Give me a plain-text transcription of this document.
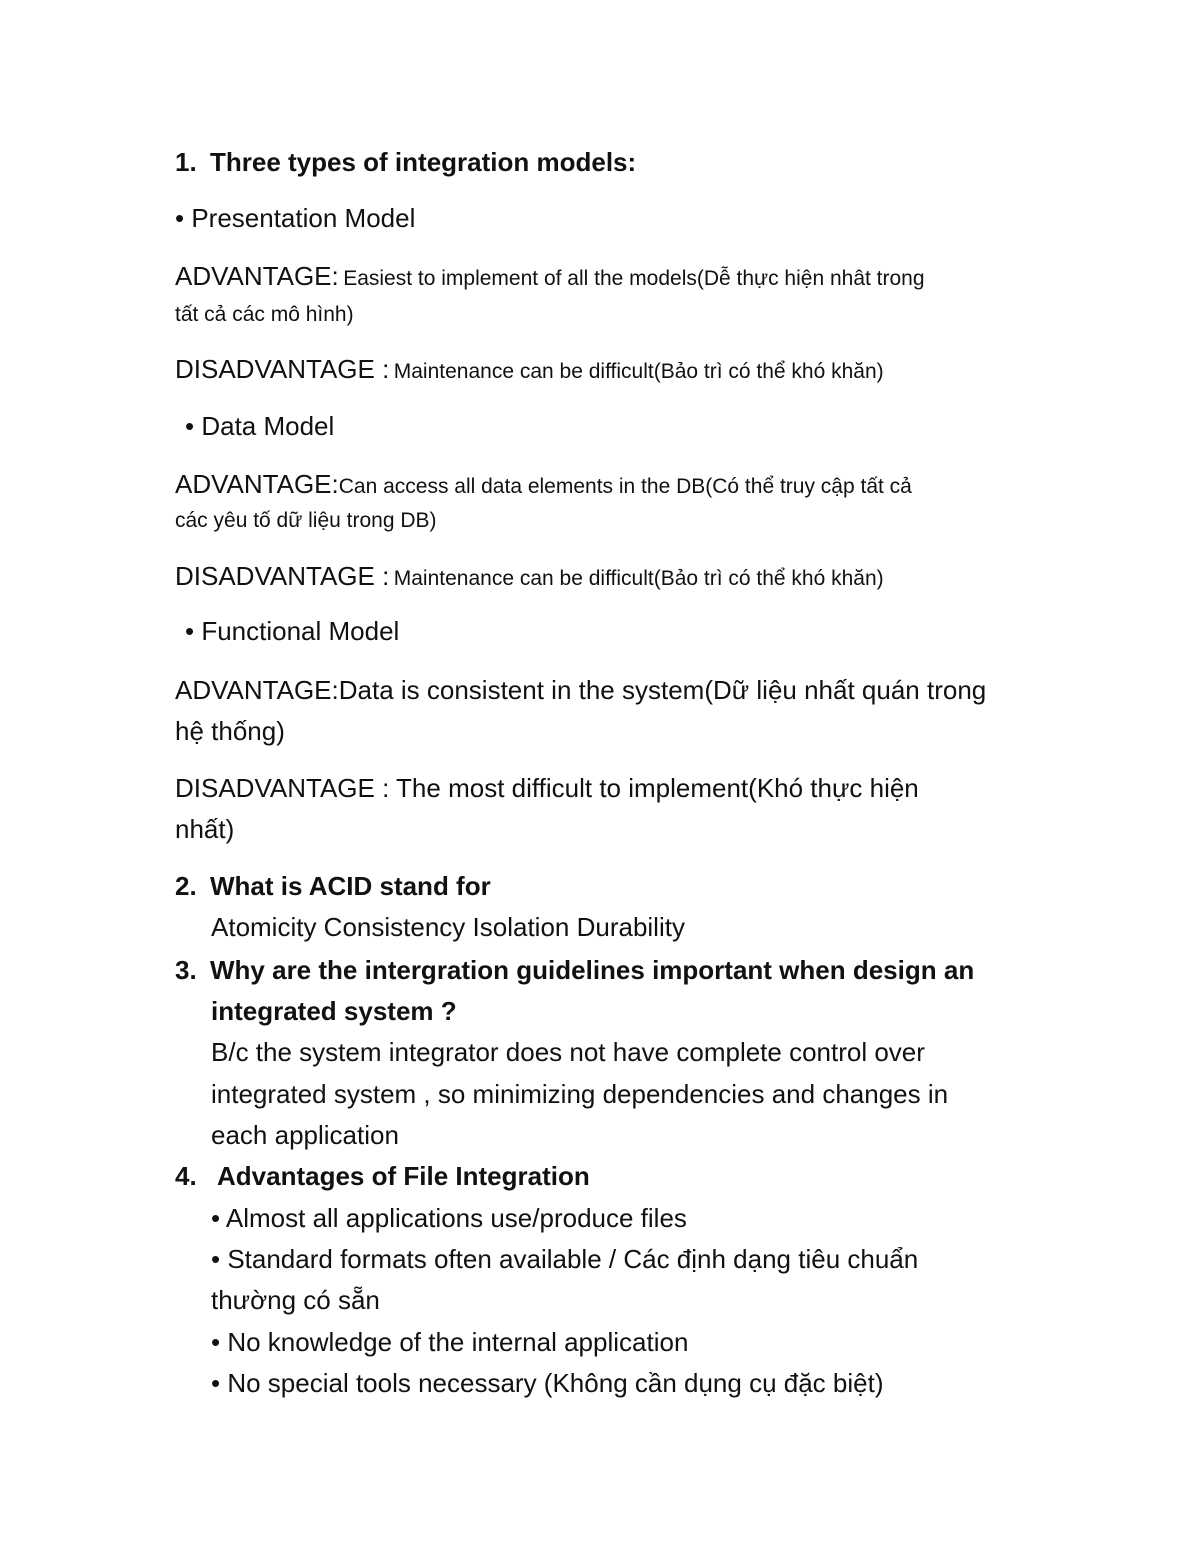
1. Three types of integration models:
• Presentation Model
ADVANTAGE: Easiest to implement of all the models(Dễ thực hiện nhât trong
tất cả các mô hình)
DISADVANTAGE : Maintenance can be difficult(Bảo trì có thể khó khăn)
• Data Model
ADVANTAGE:Can access all data elements in the DB(Có thể truy cập tất cả
các yêu tố dữ liệu trong DB)
DISADVANTAGE : Maintenance can be difficult(Bảo trì có thể khó khăn)
• Functional Model
ADVANTAGE:Data is consistent in the system(Dữ liệu nhất quán trong
hệ thống)
DISADVANTAGE : The most difficult to implement(Khó thực hiện
nhất)
2. What is ACID stand for
Atomicity Consistency Isolation Durability
3. Why are the intergration guidelines important when design an
integrated system ?
B/c the system integrator does not have complete control over
integrated system , so minimizing dependencies and changes in
each application
4. Advantages of File Integration
• Almost all applications use/produce files
• Standard formats often available / Các định dạng tiêu chuẩn
thường có sẵn
• No knowledge of the internal application
• No special tools necessary (Không cần dụng cụ đặc biệt)
